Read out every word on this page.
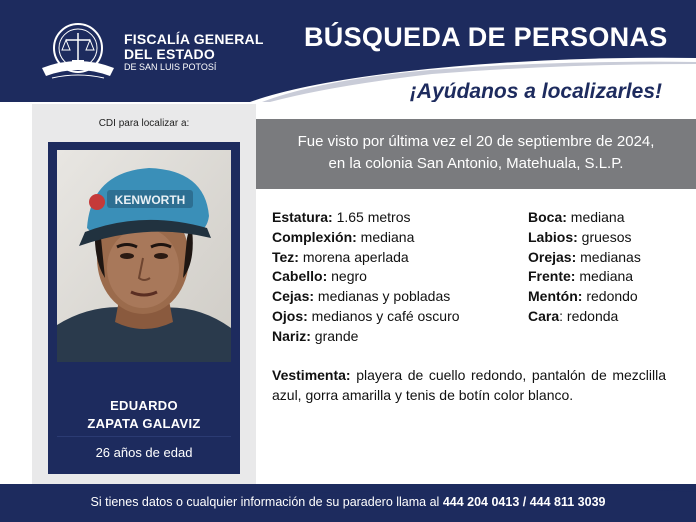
FISCALÍA GENERAL
DEL ESTADO
DE SAN LUIS POTOSÍ
BÚSQUEDA DE PERSONAS
¡Ayúdanos a localizarles!
CDI para localizar a:
KENWORTH
EDUARDO
ZAPATA GALAVIZ
26 años de edad
Fue visto por última vez el 20 de septiembre de 2024,
en la colonia San Antonio, Matehuala, S.L.P.
Estatura: 1.65 metros
Complexión: mediana
Tez: morena aperlada
Cabello: negro
Cejas: medianas y pobladas
Ojos: medianos y café oscuro
Nariz: grande
Boca: mediana
Labios: gruesos
Orejas: medianas
Frente: mediana
Mentón: redondo
Cara: redonda
Vestimenta: playera de cuello redondo, pantalón de mezclilla azul, gorra amarilla y tenis de botín color blanco.
Si tienes datos o cualquier información de su paradero llama al 444 204 0413 / 444 811 3039
